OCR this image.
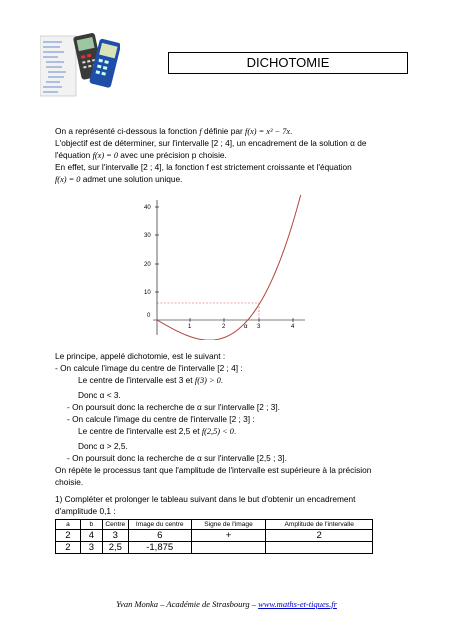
DICHOTOMIE
On a représenté ci-dessous la fonction f définie par f(x) = x³ − 7x.
L'objectif est de déterminer, sur l'intervalle [2 ; 4], un encadrement de la solution α de
l'équation f(x) = 0 avec une précision p choisie.
En effet, sur l'intervalle [2 ; 4], la fonction f est strictement croissante et l'équation
f(x) = 0 admet une solution unique.
40
30
20
10
0
1	2	3	4
α
Le principe, appelé dichotomie, est le suivant :
- On calcule l'image du centre de l'intervalle [2 ; 4] :
Le centre de l'intervalle est 3 et f(3) > 0.
Donc α < 3.
- On poursuit donc la recherche de α sur l'intervalle [2 ; 3].
- On calcule l'image du centre de l'intervalle [2 ; 3] :
Le centre de l'intervalle est 2,5 et f(2,5) < 0.
Donc α > 2,5.
- On poursuit donc la recherche de α sur l'intervalle [2,5 ; 3].
On répète le processus tant que l'amplitude de l'intervalle est supérieure à la précision
choisie.
1) Compléter et prolonger le tableau suivant dans le but d'obtenir un encadrement
d'amplitude 0,1 :
a	b	Centre	Image du centre	Signe de l'image	Amplitude de l'intervalle
2	4	3	6	+	2
2	3	2,5	-1,875		
Yvan Monka – Académie de Strasbourg – www.maths-et-tiques.fr
